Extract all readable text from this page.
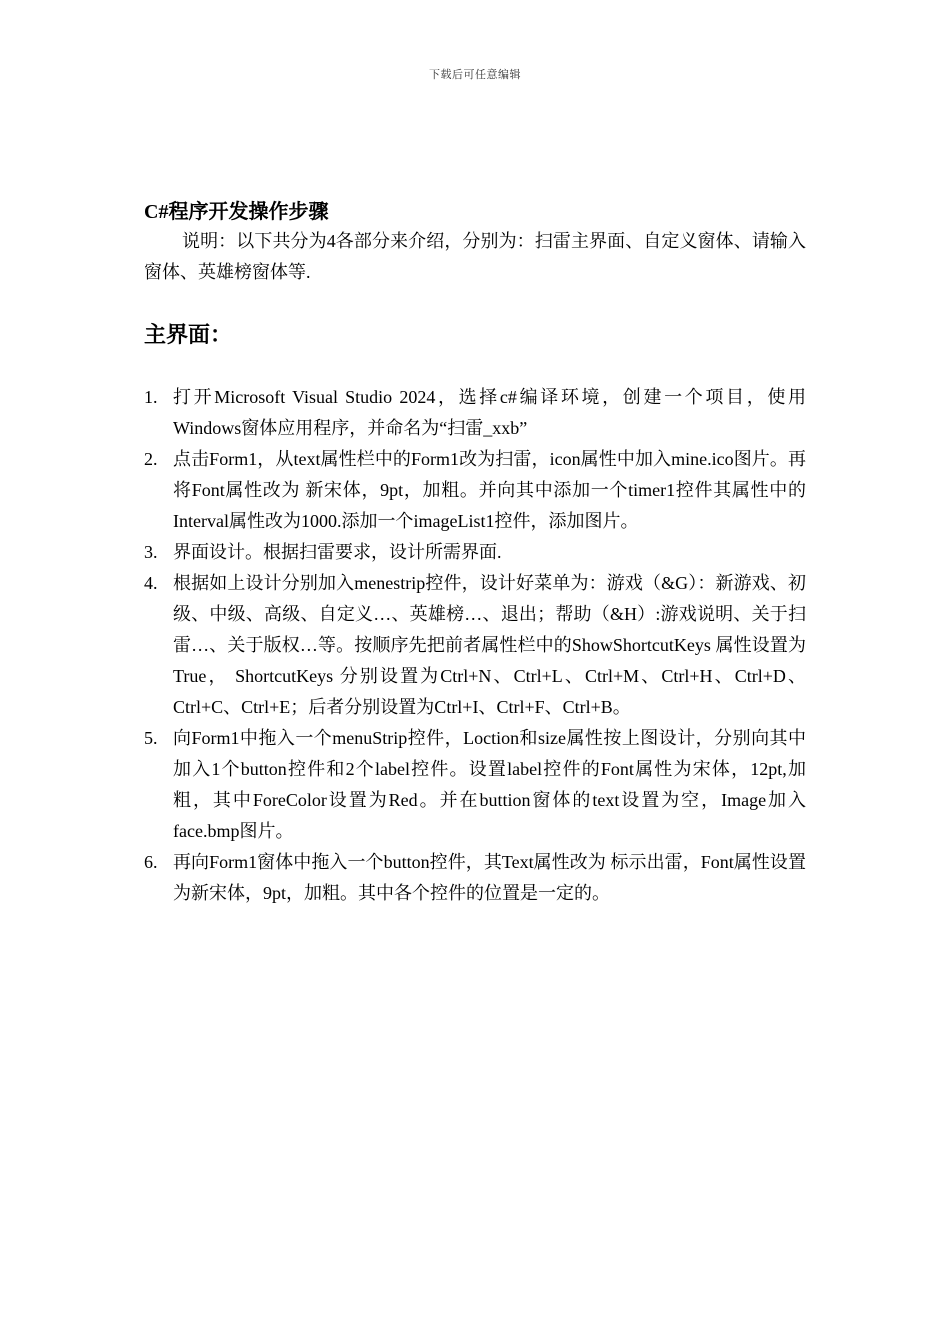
下载后可任意编辑
C#程序开发操作步骤

说明：以下共分为4各部分来介绍，分别为：扫雷主界面、自定义窗体、请输入窗体、英雄榜窗体等.

主界面：
1. 打开Microsoft Visual Studio 2024，选择c#编译环境，创建一个项目，使用Windows窗体应用程序，并命名为“扫雷_xxb”
2. 点击Form1，从text属性栏中的Form1改为扫雷，icon属性中加入mine.ico图片。再将Font属性改为 新宋体，9pt，加粗。并向其中添加一个timer1控件其属性中的Interval属性改为1000.添加一个imageList1控件，添加图片。
3. 界面设计。根据扫雷要求，设计所需界面.
4. 根据如上设计分别加入menestrip控件，设计好菜单为：游戏（&G）：新游戏、初级、中级、高级、自定义…、英雄榜…、退出；帮助（&H）:游戏说明、关于扫雷…、关于版权…等。按顺序先把前者属性栏中的ShowShortcutKeys 属性设置为 True， ShortcutKeys 分别设置为Ctrl+N、Ctrl+L、Ctrl+M、Ctrl+H、Ctrl+D、Ctrl+C、Ctrl+E；后者分别设置为Ctrl+I、Ctrl+F、Ctrl+B。
5. 向Form1中拖入一个menuStrip控件，Loction和size属性按上图设计，分别向其中加入1个button控件和2个label控件。设置label控件的Font属性为宋体，12pt,加粗，其中ForeColor设置为Red。并在buttion窗体的text设置为空，Image加入face.bmp图片。
6. 再向Form1窗体中拖入一个button控件，其Text属性改为 标示出雷，Font属性设置为新宋体，9pt，加粗。其中各个控件的位置是一定的。
